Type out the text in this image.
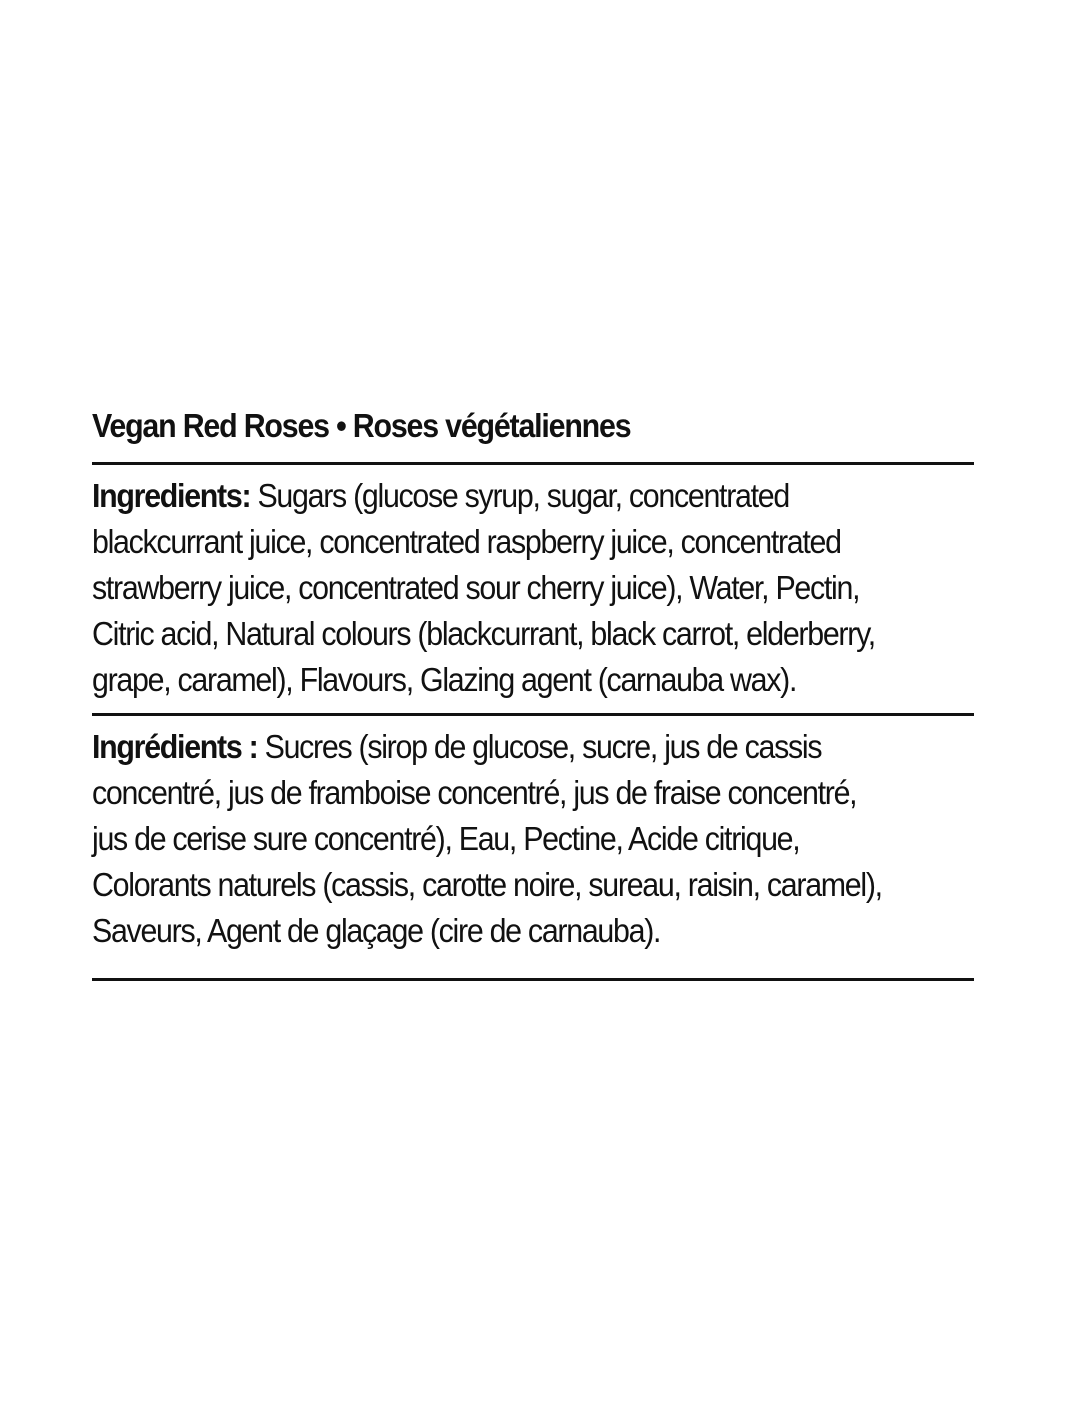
Vegan Red Roses • Roses végétaliennes

Ingredients: Sugars (glucose syrup, sugar, concentrated

blackcurrant juice, concentrated raspberry juice, concentrated

strawberry juice, concentrated sour cherry juice), Water, Pectin,

Citric acid, Natural colours (blackcurrant, black carrot, elderberry,

grape, caramel), Flavours, Glazing agent (carnauba wax).

Ingrédients : Sucres (sirop de glucose, sucre, jus de cassis

concentré, jus de framboise concentré, jus de fraise concentré,

jus de cerise sure concentré), Eau, Pectine, Acide citrique,

Colorants naturels (cassis, carotte noire, sureau, raisin, caramel),

Saveurs, Agent de glaçage (cire de carnauba).
